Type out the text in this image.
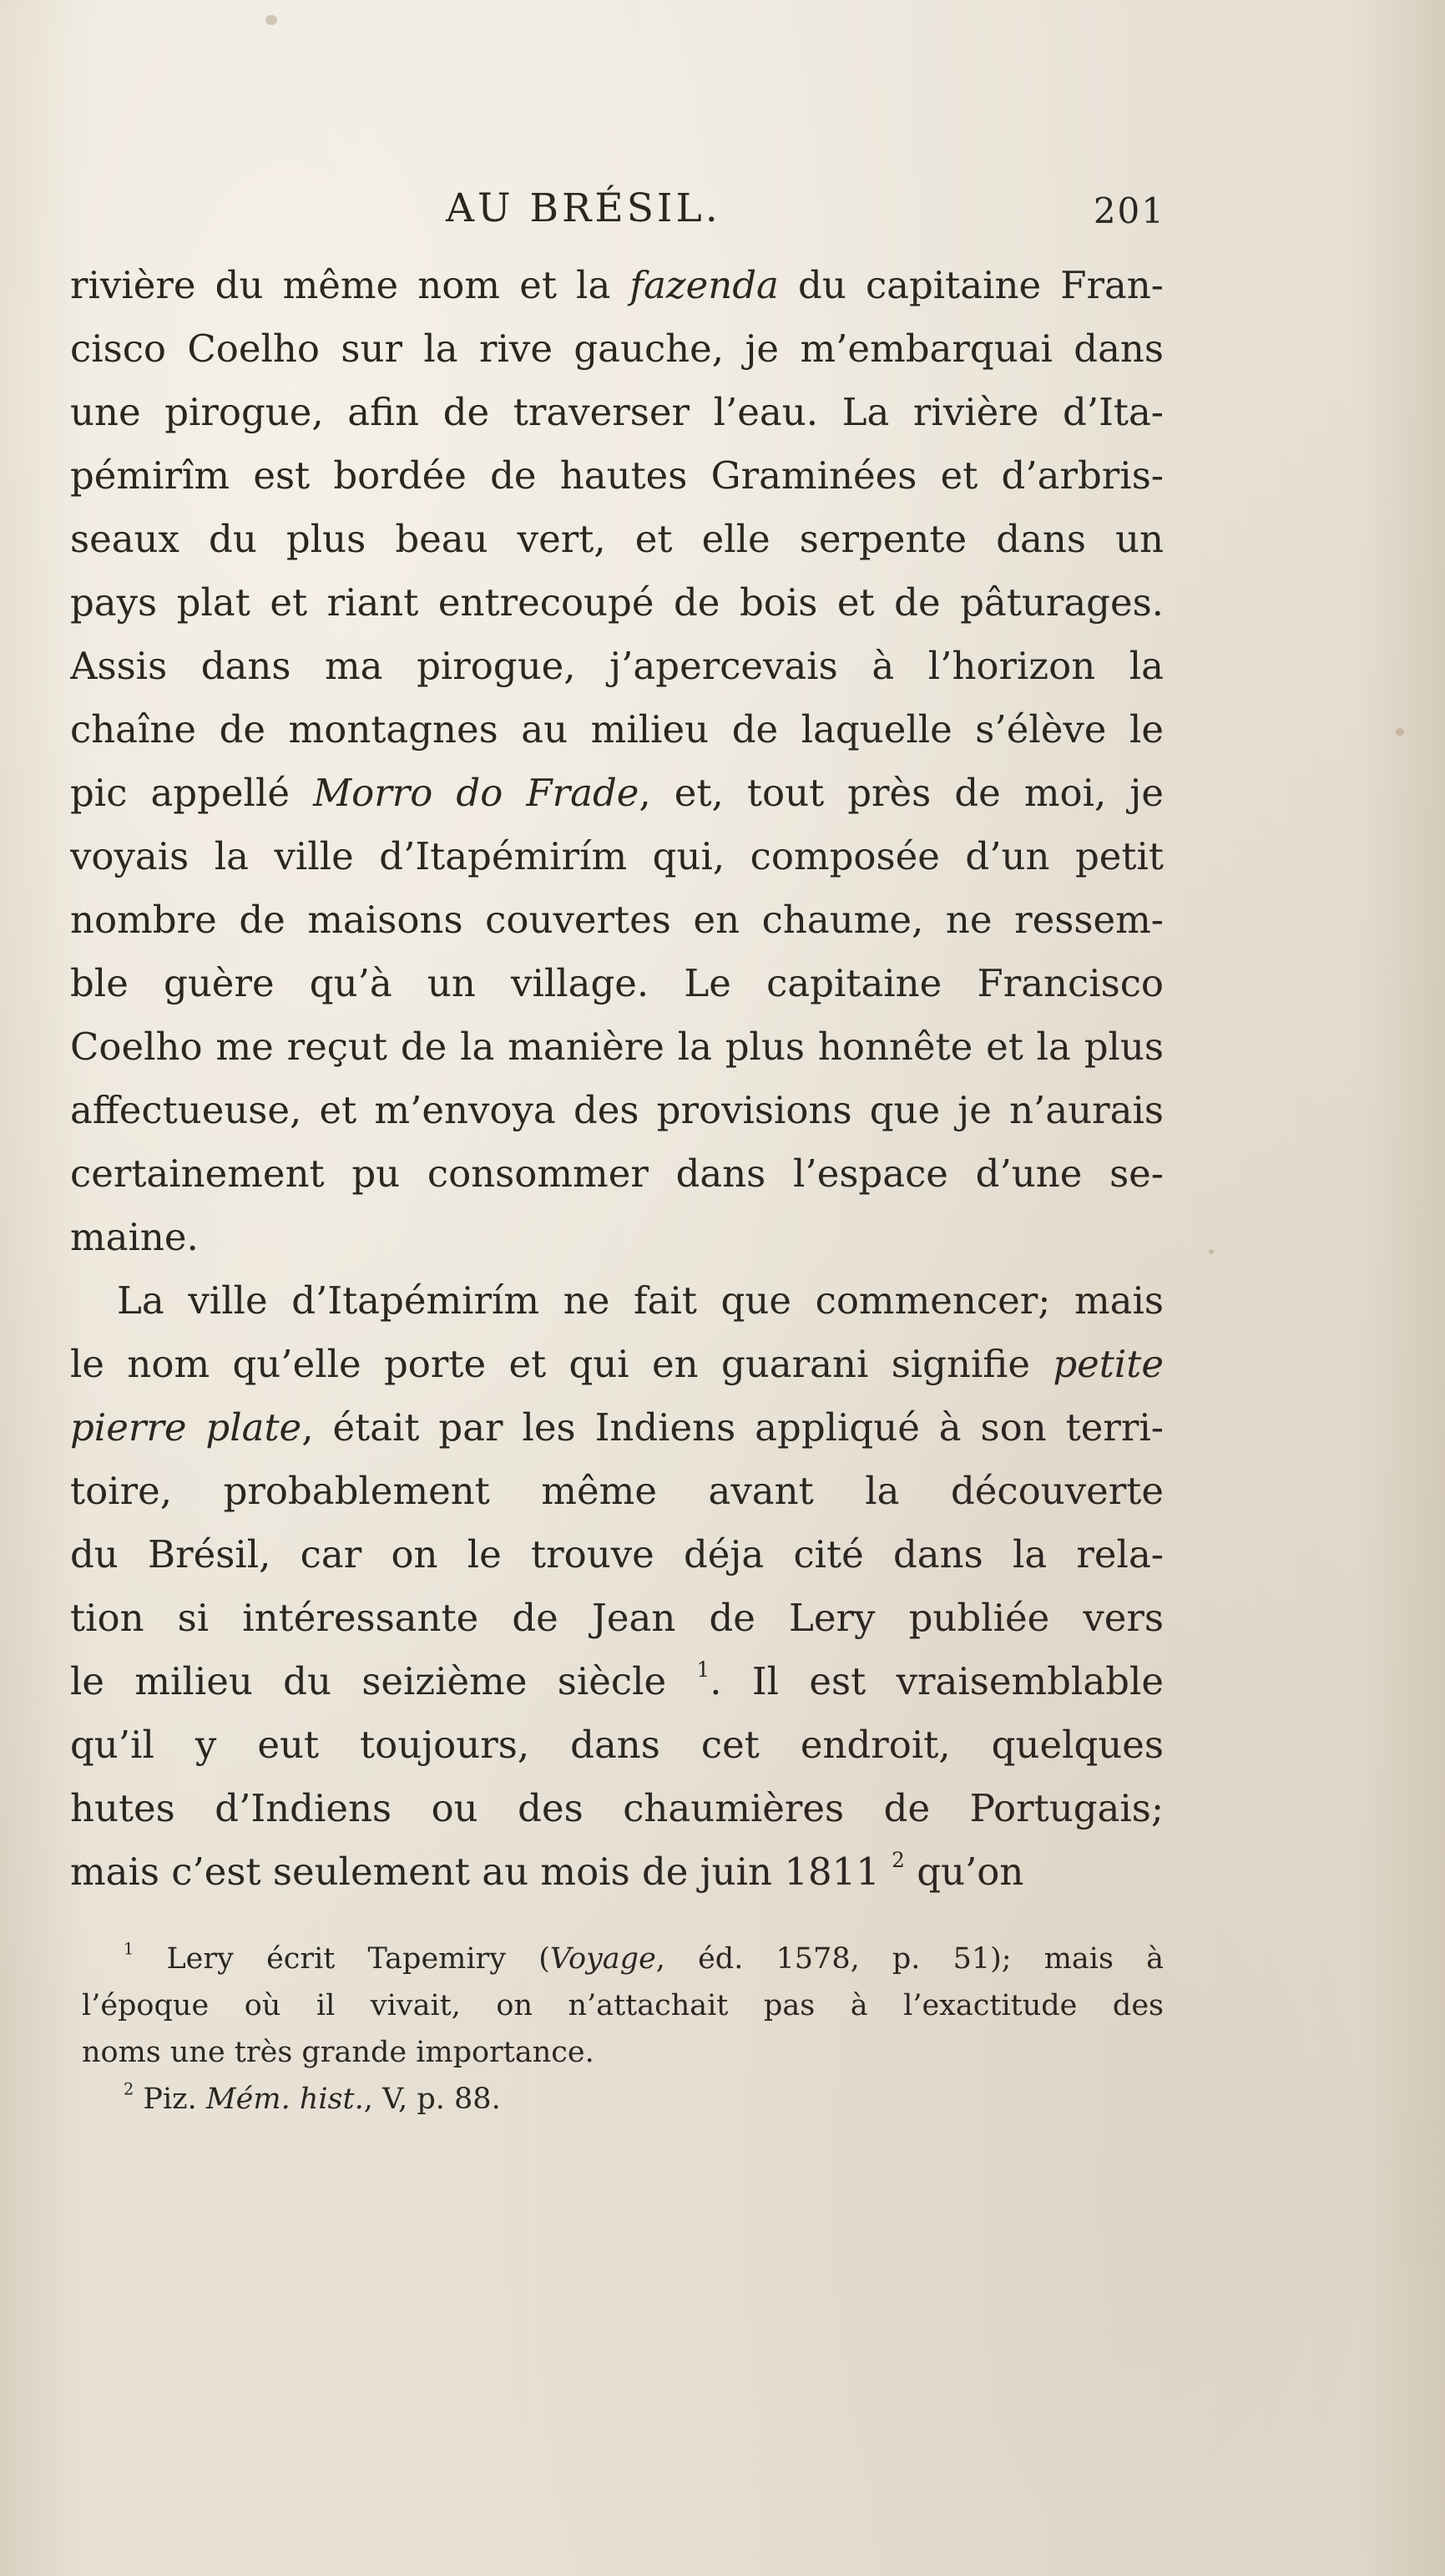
AU BRÉSIL.	201
rivière du même nom et la fazenda du capitaine Fran-
cisco Coelho sur la rive gauche, je m’embarquai dans
une pirogue, afin de traverser l’eau. La rivière d’Ita-
pémirîm est bordée de hautes Graminées et d’arbris-
seaux du plus beau vert, et elle serpente dans un
pays plat et riant entrecoupé de bois et de pâturages.
Assis dans ma pirogue, j’apercevais à l’horizon la
chaîne de montagnes au milieu de laquelle s’élève le
pic appellé Morro do Frade, et, tout près de moi, je
voyais la ville d’Itapémirím qui, composée d’un petit
nombre de maisons couvertes en chaume, ne ressem-
ble guère qu’à un village. Le capitaine Francisco
Coelho me reçut de la manière la plus honnête et la plus
affectueuse, et m’envoya des provisions que je n’aurais
certainement pu consommer dans l’espace d’une se-
maine.
La ville d’Itapémirím ne fait que commencer; mais
le nom qu’elle porte et qui en guarani signifie petite
pierre plate, était par les Indiens appliqué à son terri-
toire, probablement même avant la découverte
du Brésil, car on le trouve déja cité dans la rela-
tion si intéressante de Jean de Lery publiée vers
le milieu du seizième siècle $^1$. Il est vraisemblable
qu’il y eut toujours, dans cet endroit, quelques
hutes d’Indiens ou des chaumières de Portugais;
mais c’est seulement au mois de juin 1811 $^2$ qu’on
$^1$ Lery écrit Tapemiry (Voyage, éd. 1578, p. 51); mais à
l’époque où il vivait, on n’attachait pas à l’exactitude des
noms une très grande importance.
$^2$ Piz. Mém. hist., V, p. 88.
